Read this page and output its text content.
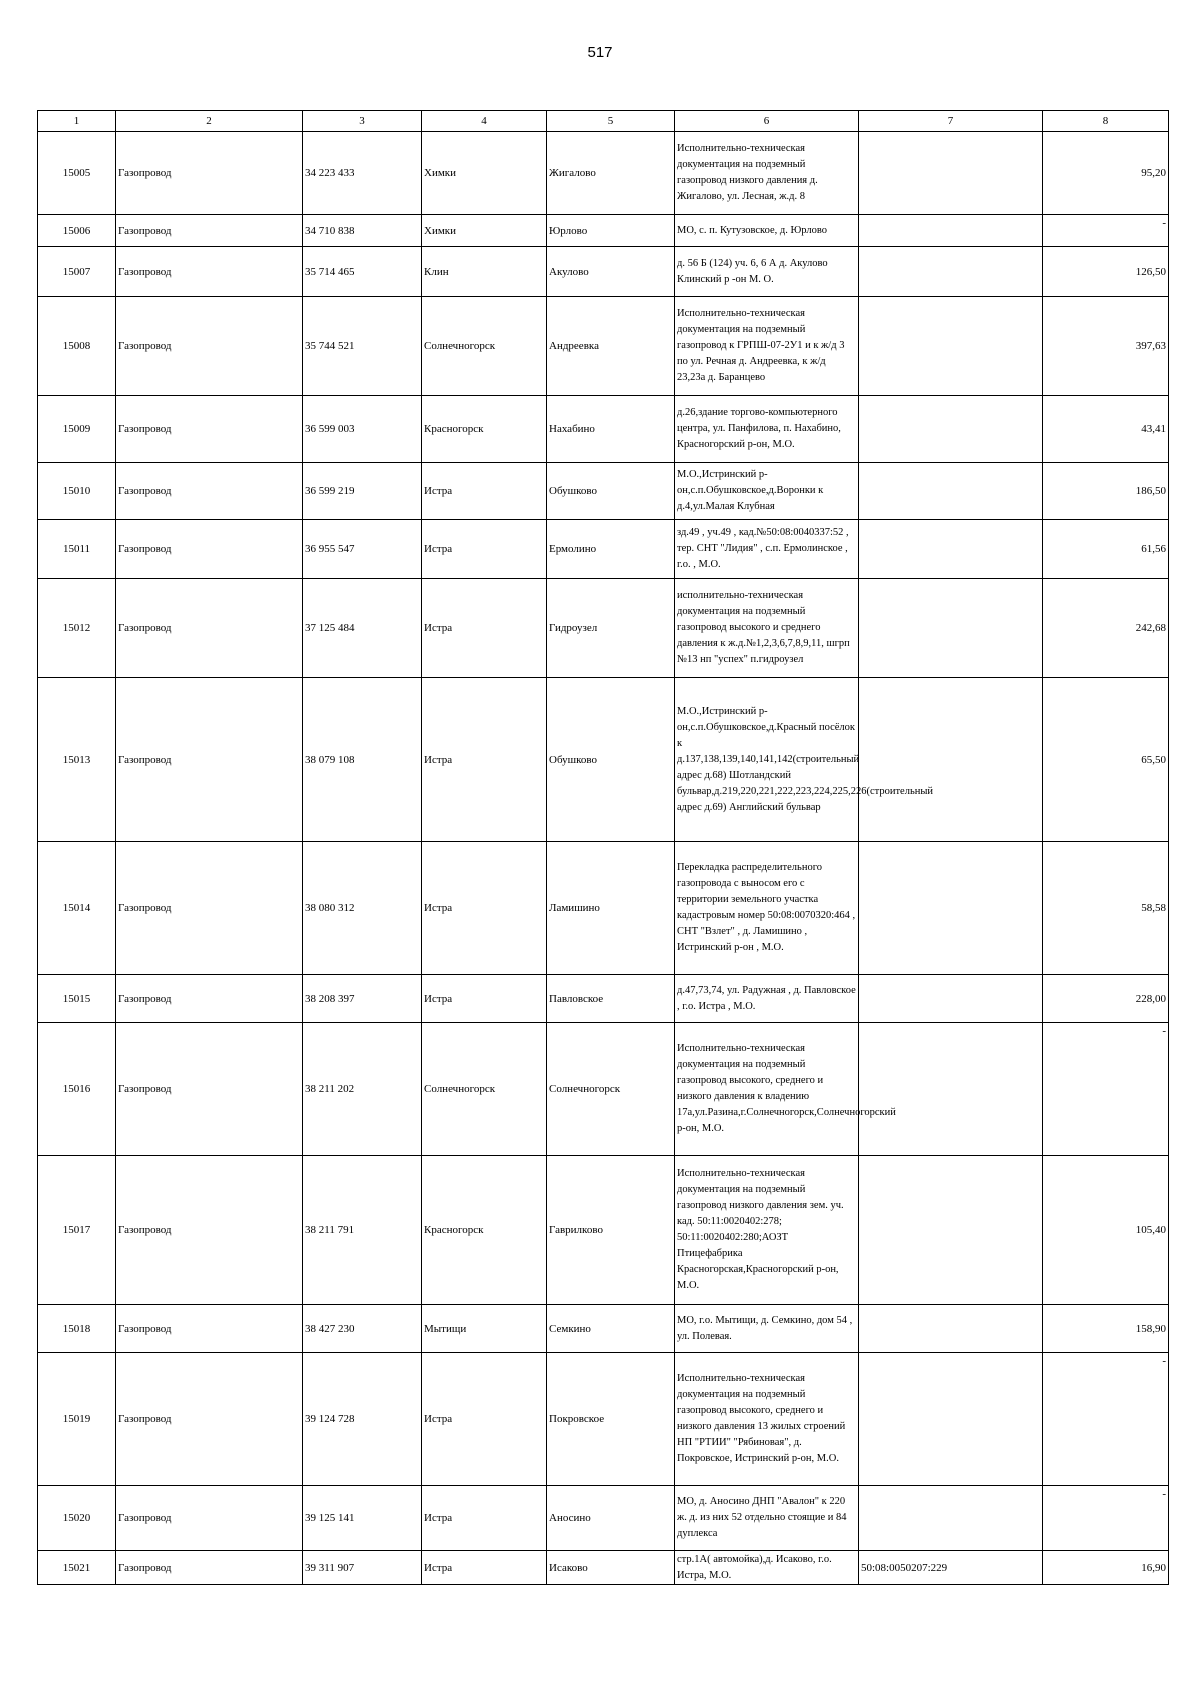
517
1	2	3	4	5	6	7	8
15005	Газопровод	34 223 433	Химки	Жигалово	Исполнительно-техническая документация на подземный газопровод низкого давления д. Жигалово, ул. Лесная, ж.д. 8		95,20
15006	Газопровод	34 710 838	Химки	Юрлово	МО, с. п. Кутузовское, д. Юрлово		-

15007	Газопровод	35 714 465	Клин	Акулово	д. 56 Б (124) уч. 6, 6 А д. Акулово Клинский р -он М. О.		126,50
15008	Газопровод	35 744 521	Солнечногорск	Андреевка	Исполнительно-техническая документация на подземный газопровод к ГРПШ-07-2У1 и к ж/д 3 по ул. Речная д. Андреевка, к ж/д 23,23а д. Баранцево		397,63
15009	Газопровод	36 599 003	Красногорск	Нахабино	д.26,здание торгово-компьютерного центра, ул. Панфилова, п. Нахабино, Красногорский р-он, М.О.		43,41
15010	Газопровод	36 599 219	Истра	Обушково	М.О.,Истринский р-он,с.п.Обушковское,д.Воронки к д.4,ул.Малая Клубная		186,50
15011	Газопровод	36 955 547	Истра	Ермолино	зд.49 , уч.49 , кад.№50:08:0040337:52 , тер. СНТ "Лидия" , с.п. Ермолинское , г.о. , М.О.		61,56
15012	Газопровод	37 125 484	Истра	Гидроузел	исполнительно-техническая документация на подземный газопровод высокого и среднего давления к ж.д.№1,2,3,6,7,8,9,11, шгрп №13 нп "успех" п.гидроузел		242,68
15013	Газопровод	38 079 108	Истра	Обушково	М.О.,Истринский р-он,с.п.Обушковское,д.Красный посёлок к д.137,138,139,140,141,142(строительный адрес д.68) Шотландский бульвар,д.219,220,221,222,223,224,225,226(строительный адрес д.69) Английский бульвар		65,50
15014	Газопровод	38 080 312	Истра	Ламишино	Перекладка распределительного газопровода с выносом его с территории земельного участка кадастровым номер 50:08:0070320:464 , СНТ "Взлет" , д. Ламишино , Истринский р-он , М.О.		58,58
15015	Газопровод	38 208 397	Истра	Павловское	д.47,73,74, ул. Радужная , д. Павловское , г.о. Истра , М.О.		228,00
15016	Газопровод	38 211 202	Солнечногорск	Солнечногорск	Исполнительно-техническая документация на подземный газопровод высокого, среднего и низкого давления к владению 17а,ул.Разина,г.Солнечногорск,Солнечногорский р-он, М.О.		-

15017	Газопровод	38 211 791	Красногорск	Гаврилково	Исполнительно-техническая документация на подземный газопровод низкого давления зем. уч. кад. 50:11:0020402:278; 50:11:0020402:280;АОЗТ Птицефабрика Красногорская,Красногорский р-он, М.О.		105,40
15018	Газопровод	38 427 230	Мытищи	Семкино	МО, г.о. Мытищи, д. Семкино, дом 54 , ул. Полевая.		158,90
15019	Газопровод	39 124 728	Истра	Покровское	Исполнительно-техническая документация на подземный газопровод высокого, среднего и низкого давления 13 жилых строений НП "РТИИ" "Рябиновая", д. Покровское, Истринский р-он, М.О.		-

15020	Газопровод	39 125 141	Истра	Аносино	МО, д. Аносино ДНП "Авалон" к 220 ж. д. из них 52 отдельно стоящие и 84 дуплекса		-

15021	Газопровод	39 311 907	Истра	Исаково	стр.1А( автомойка),д. Исаково, г.о. Истра, М.О.	50:08:0050207:229	16,90
